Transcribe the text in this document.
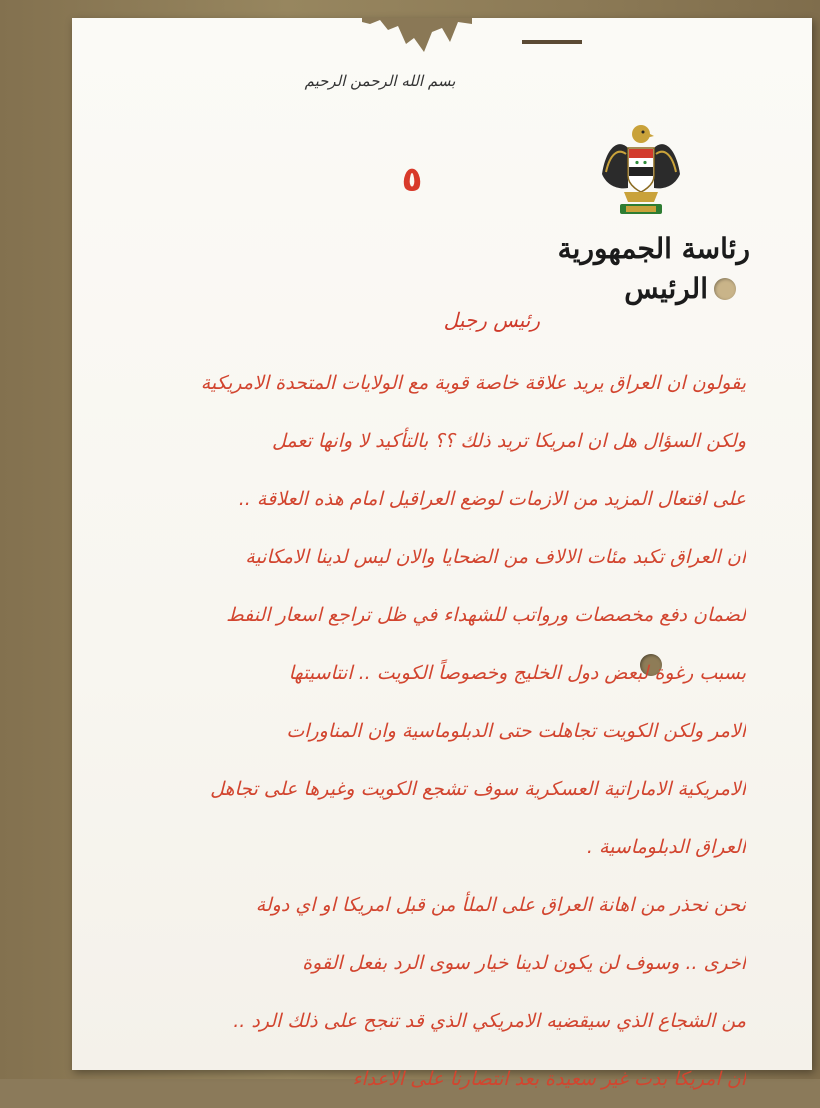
بسم الله الرحمن الرحيم
رئاسة الجمهورية
الرئيس
٥
رئيس رجيل
يقولون ان العراق يريد علاقة خاصة قوية مع الولايات المتحدة الامريكية
ولكن السؤال هل ان امريكا تريد ذلك ؟؟ بالتأكيد لا وانها تعمل
على افتعال المزيد من الازمات لوضع العراقيل امام هذه العلاقة ..
ان العراق تكبد مئات الالاف من الضحايا والان ليس لدينا الامكانية
لضمان دفع مخصصات ورواتب للشهداء في ظل تراجع اسعار النفط
بسبب رغوة لبعض دول الخليج وخصوصاً الكويت .. انتاسيتها
الامر ولكن الكويت تجاهلت حتى الدبلوماسية وان المناورات
الامريكية الاماراتية العسكرية سوف تشجع الكويت وغيرها على تجاهل
العراق الدبلوماسية .
نحن نحذر من اهانة العراق على الملأ من قبل امريكا او اي دولة
اخرى .. وسوف لن يكون لدينا خيار سوى الرد بفعل القوة
من الشجاع الذي سيقضيه الامريكي الذي قد تنجح على ذلك الرد ..
ان امريكا بدت غير سعيدة بعد انتصارنا على الاعداء
